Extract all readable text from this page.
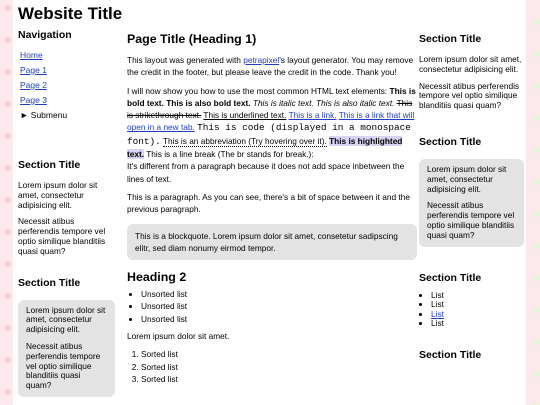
Website Title
Navigation
Home
Page 1
Page 2
Page 3
► Submenu
Section Title

Lorem ipsum dolor sit amet, consectetur adipisicing elit.

Necessit atibus perferendis tempore vel optio similique blanditiis quasi quam?

Section Title

Lorem ipsum dolor sit amet, consectetur adipisicing elit.

Necessit atibus perferendis tempore vel optio similique blanditiis quasi quam?

Page Title (Heading 1)

This layout was generated with petrapixel's layout generator. You may remove the credit in the footer, but please leave the credit in the code. Thank you!

I will now show you how to use the most common HTML text elements: This is bold text. This is also bold text. This is italic text. This is also italic text. This is strikethrough text. This is underlined text. This is a link. This is a link that will open in a new tab. This is code (displayed in a monospace font). This is an abbreviation (Try hovering over it). This is highlighted text. This is a line break (The br stands for break.):
It's different from a paragraph because it does not add space inbetween the lines of text.

This is a paragraph. As you can see, there's a bit of space between it and the previous paragraph.

This is a blockquote. Lorem ipsum dolor sit amet, consetetur sadipscing elitr, sed diam nonumy eirmod tempor.
Heading 2
• Unsorted list
• Unsorted list
• Unsorted list

Lorem ipsum dolor sit amet.

1. Sorted list
2. Sorted list
3. Sorted list
Section Title

Lorem ipsum dolor sit amet, consectetur adipisicing elit.

Necessit atibus perferendis tempore vel optio similique blanditiis quasi quam?

Section Title

Lorem ipsum dolor sit amet, consectetur adipisicing elit.

Necessit atibus perferendis tempore vel optio similique blanditiis quasi quam?

Section Title
• List
• List
• List
• List
Section Title
